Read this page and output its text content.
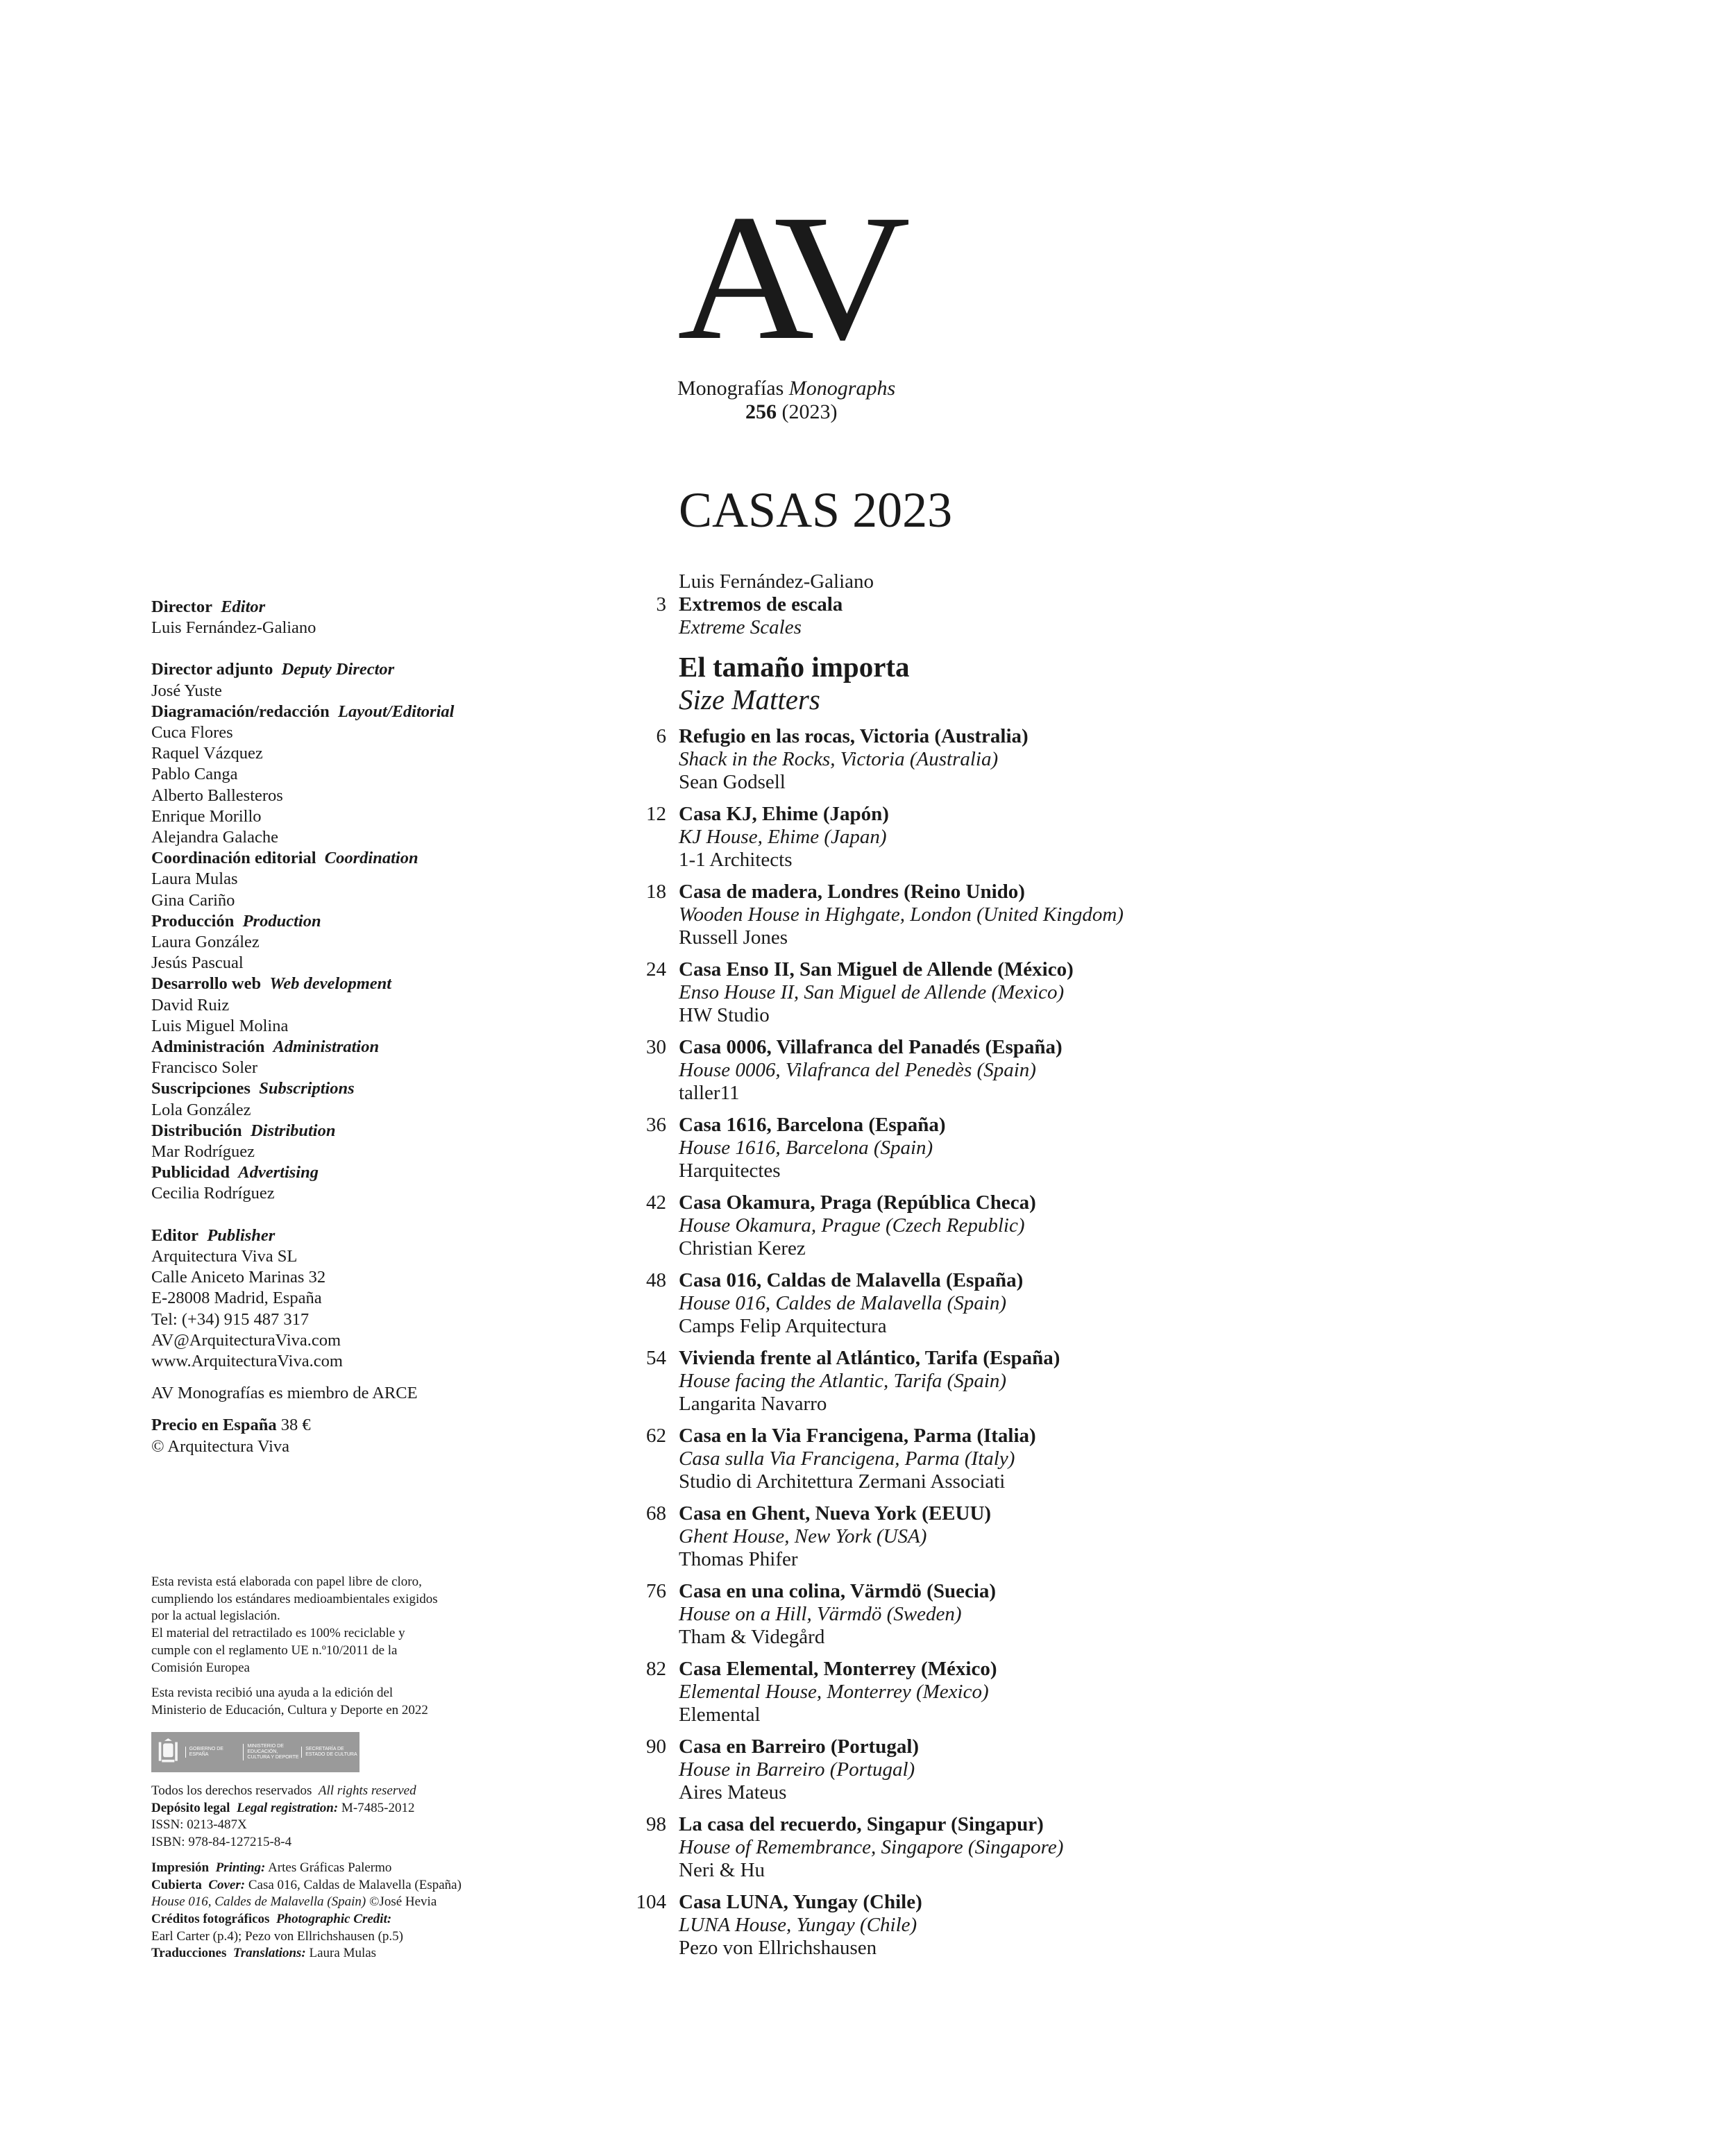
AV
Monografías Monographs
256 (2023)
CASAS 2023
Director Editor
Luis Fernández-Galiano
Director adjunto Deputy Director
José Yuste
Diagramación/redacción Layout/Editorial
Cuca Flores
Raquel Vázquez
Pablo Canga
Alberto Ballesteros
Enrique Morillo
Alejandra Galache
Coordinación editorial Coordination
Laura Mulas
Gina Cariño
Producción Production
Laura González
Jesús Pascual
Desarrollo web Web development
David Ruiz
Luis Miguel Molina
Administración Administration
Francisco Soler
Suscripciones Subscriptions
Lola González
Distribución Distribution
Mar Rodríguez
Publicidad Advertising
Cecilia Rodríguez
Editor Publisher
Arquitectura Viva SL
Calle Aniceto Marinas 32
E-28008 Madrid, España
Tel: (+34) 915 487 317
AV@ArquitecturaViva.com
www.ArquitecturaViva.com
AV Monografías es miembro de ARCE
Precio en España 38 €
© Arquitectura Viva
Esta revista está elaborada con papel libre de cloro,
cumpliendo los estándares medioambientales exigidos
por la actual legislación.
El material del retractilado es 100% reciclable y
cumple con el reglamento UE n.º10/2011 de la
Comisión Europea
Esta revista recibió una ayuda a la edición del
Ministerio de Educación, Cultura y Deporte en 2022
GOBIERNO DE ESPAÑA
MINISTERIO DE EDUCACIÓN, CULTURA Y DEPORTE
SECRETARÍA DE ESTADO DE CULTURA
Todos los derechos reservados All rights reserved
Depósito legal Legal registration: M-7485-2012
ISSN: 0213-487X
ISBN: 978-84-127215-8-4
Impresión Printing: Artes Gráficas Palermo
Cubierta Cover: Casa 016, Caldas de Malavella (España)
House 016, Caldes de Malavella (Spain) ©José Hevia
Créditos fotográficos Photographic Credit:
Earl Carter (p.4); Pezo von Ellrichshausen (p.5)
Traducciones Translations: Laura Mulas
Luis Fernández-Galiano
3 Extremos de escala
Extreme Scales
El tamaño importa
Size Matters
6 Refugio en las rocas, Victoria (Australia)
Shack in the Rocks, Victoria (Australia)
Sean Godsell
12 Casa KJ, Ehime (Japón)
KJ House, Ehime (Japan)
1-1 Architects
18 Casa de madera, Londres (Reino Unido)
Wooden House in Highgate, London (United Kingdom)
Russell Jones
24 Casa Enso II, San Miguel de Allende (México)
Enso House II, San Miguel de Allende (Mexico)
HW Studio
30 Casa 0006, Villafranca del Panadés (España)
House 0006, Vilafranca del Penedès (Spain)
taller11
36 Casa 1616, Barcelona (España)
House 1616, Barcelona (Spain)
Harquitectes
42 Casa Okamura, Praga (República Checa)
House Okamura, Prague (Czech Republic)
Christian Kerez
48 Casa 016, Caldas de Malavella (España)
House 016, Caldes de Malavella (Spain)
Camps Felip Arquitectura
54 Vivienda frente al Atlántico, Tarifa (España)
House facing the Atlantic, Tarifa (Spain)
Langarita Navarro
62 Casa en la Via Francigena, Parma (Italia)
Casa sulla Via Francigena, Parma (Italy)
Studio di Architettura Zermani Associati
68 Casa en Ghent, Nueva York (EEUU)
Ghent House, New York (USA)
Thomas Phifer
76 Casa en una colina, Värmdö (Suecia)
House on a Hill, Värmdö (Sweden)
Tham & Videgård
82 Casa Elemental, Monterrey (México)
Elemental House, Monterrey (Mexico)
Elemental
90 Casa en Barreiro (Portugal)
House in Barreiro (Portugal)
Aires Mateus
98 La casa del recuerdo, Singapur (Singapur)
House of Remembrance, Singapore (Singapore)
Neri & Hu
104 Casa LUNA, Yungay (Chile)
LUNA House, Yungay (Chile)
Pezo von Ellrichshausen
